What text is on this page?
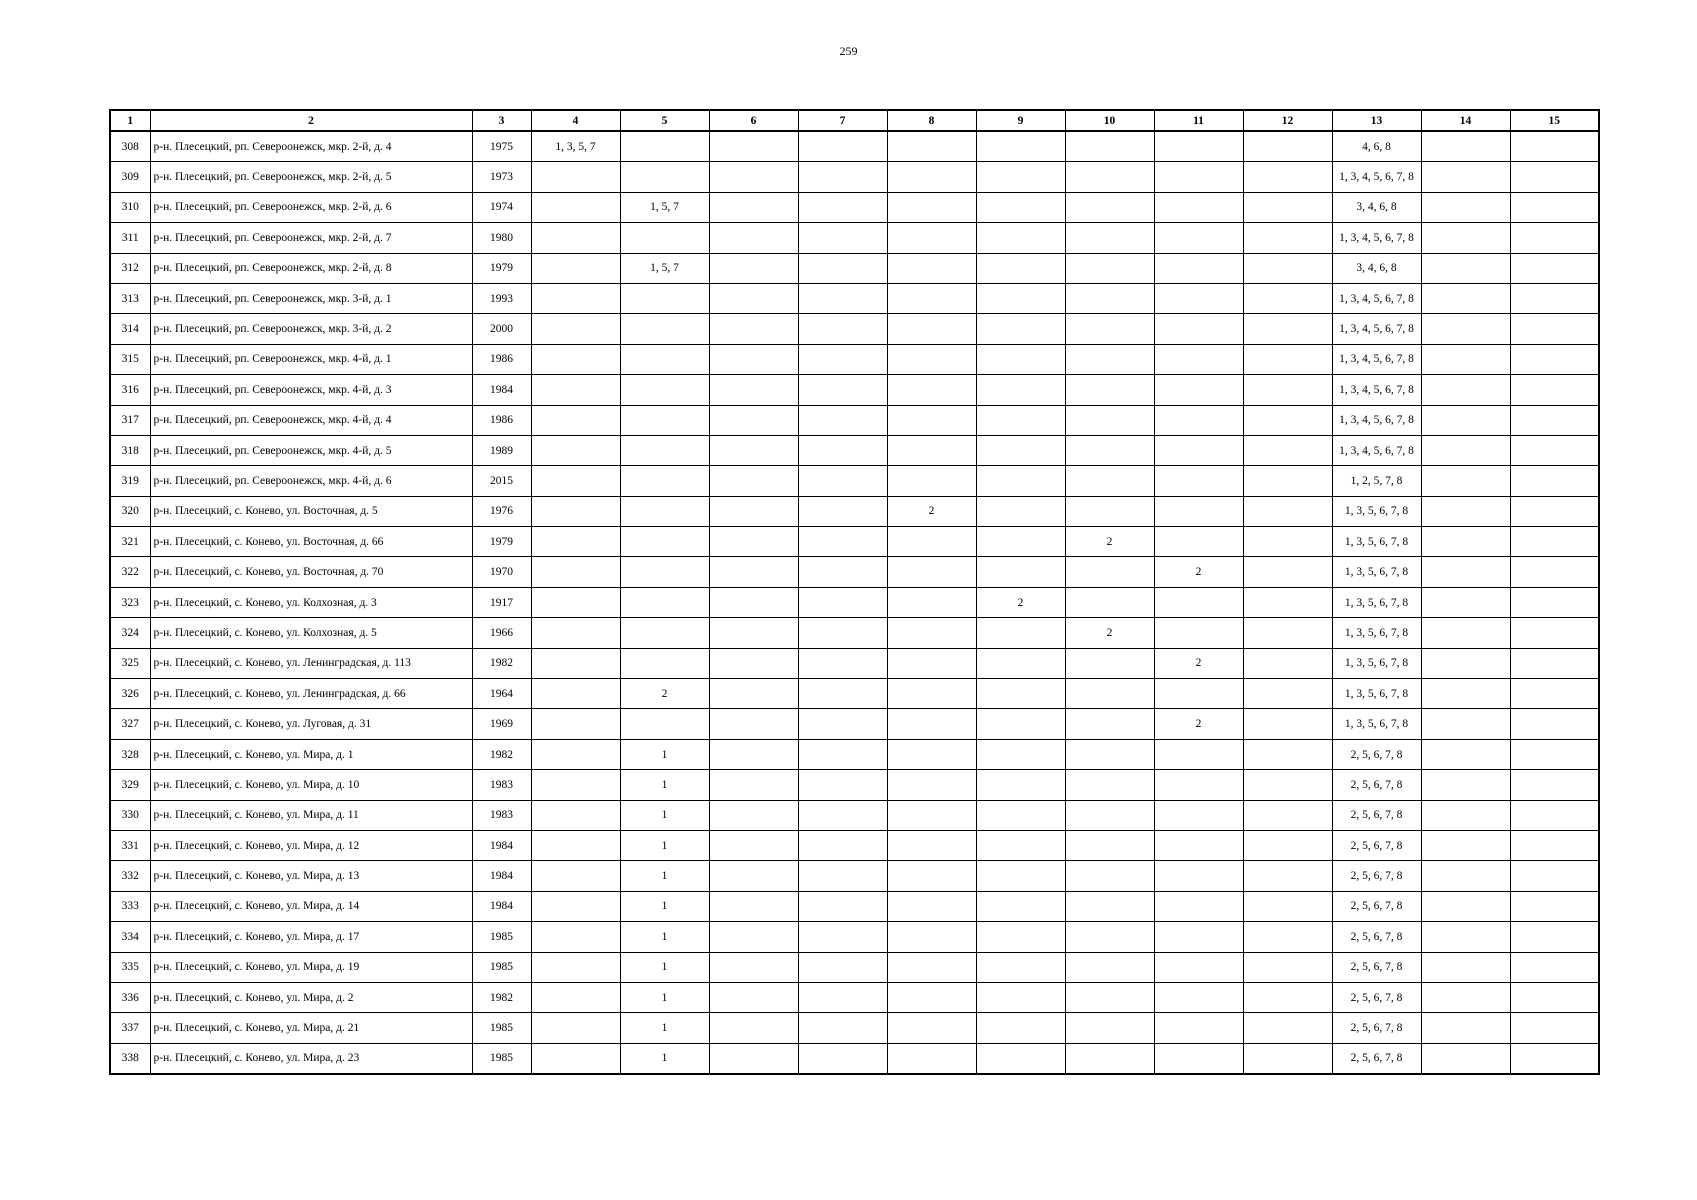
259
1	2	3	4	5	6	7	8	9	10	11	12	13	14	15
308	р-н. Плесецкий, рп. Североонежск, мкр. 2-й, д. 4	1975	1, 3, 5, 7									4, 6, 8		
309	р-н. Плесецкий, рп. Североонежск, мкр. 2-й, д. 5	1973										1, 3, 4, 5, 6, 7, 8		
310	р-н. Плесецкий, рп. Североонежск, мкр. 2-й, д. 6	1974		1, 5, 7								3, 4, 6, 8		
311	р-н. Плесецкий, рп. Североонежск, мкр. 2-й, д. 7	1980										1, 3, 4, 5, 6, 7, 8		
312	р-н. Плесецкий, рп. Североонежск, мкр. 2-й, д. 8	1979		1, 5, 7								3, 4, 6, 8		
313	р-н. Плесецкий, рп. Североонежск, мкр. 3-й, д. 1	1993										1, 3, 4, 5, 6, 7, 8		
314	р-н. Плесецкий, рп. Североонежск, мкр. 3-й, д. 2	2000										1, 3, 4, 5, 6, 7, 8		
315	р-н. Плесецкий, рп. Североонежск, мкр. 4-й, д. 1	1986										1, 3, 4, 5, 6, 7, 8		
316	р-н. Плесецкий, рп. Североонежск, мкр. 4-й, д. 3	1984										1, 3, 4, 5, 6, 7, 8		
317	р-н. Плесецкий, рп. Североонежск, мкр. 4-й, д. 4	1986										1, 3, 4, 5, 6, 7, 8		
318	р-н. Плесецкий, рп. Североонежск, мкр. 4-й, д. 5	1989										1, 3, 4, 5, 6, 7, 8		
319	р-н. Плесецкий, рп. Североонежск, мкр. 4-й, д. 6	2015										1, 2, 5, 7, 8		
320	р-н. Плесецкий, с. Конево, ул. Восточная, д. 5	1976					2					1, 3, 5, 6, 7, 8		
321	р-н. Плесецкий, с. Конево, ул. Восточная, д. 66	1979							2			1, 3, 5, 6, 7, 8		
322	р-н. Плесецкий, с. Конево, ул. Восточная, д. 70	1970								2		1, 3, 5, 6, 7, 8		
323	р-н. Плесецкий, с. Конево, ул. Колхозная, д. 3	1917						2				1, 3, 5, 6, 7, 8		
324	р-н. Плесецкий, с. Конево, ул. Колхозная, д. 5	1966							2			1, 3, 5, 6, 7, 8		
325	р-н. Плесецкий, с. Конево, ул. Ленинградская, д. 113	1982								2		1, 3, 5, 6, 7, 8		
326	р-н. Плесецкий, с. Конево, ул. Ленинградская, д. 66	1964		2								1, 3, 5, 6, 7, 8		
327	р-н. Плесецкий, с. Конево, ул. Луговая, д. 31	1969								2		1, 3, 5, 6, 7, 8		
328	р-н. Плесецкий, с. Конево, ул. Мира, д. 1	1982		1								2, 5, 6, 7, 8		
329	р-н. Плесецкий, с. Конево, ул. Мира, д. 10	1983		1								2, 5, 6, 7, 8		
330	р-н. Плесецкий, с. Конево, ул. Мира, д. 11	1983		1								2, 5, 6, 7, 8		
331	р-н. Плесецкий, с. Конево, ул. Мира, д. 12	1984		1								2, 5, 6, 7, 8		
332	р-н. Плесецкий, с. Конево, ул. Мира, д. 13	1984		1								2, 5, 6, 7, 8		
333	р-н. Плесецкий, с. Конево, ул. Мира, д. 14	1984		1								2, 5, 6, 7, 8		
334	р-н. Плесецкий, с. Конево, ул. Мира, д. 17	1985		1								2, 5, 6, 7, 8		
335	р-н. Плесецкий, с. Конево, ул. Мира, д. 19	1985		1								2, 5, 6, 7, 8		
336	р-н. Плесецкий, с. Конево, ул. Мира, д. 2	1982		1								2, 5, 6, 7, 8		
337	р-н. Плесецкий, с. Конево, ул. Мира, д. 21	1985		1								2, 5, 6, 7, 8		
338	р-н. Плесецкий, с. Конево, ул. Мира, д. 23	1985		1								2, 5, 6, 7, 8		
